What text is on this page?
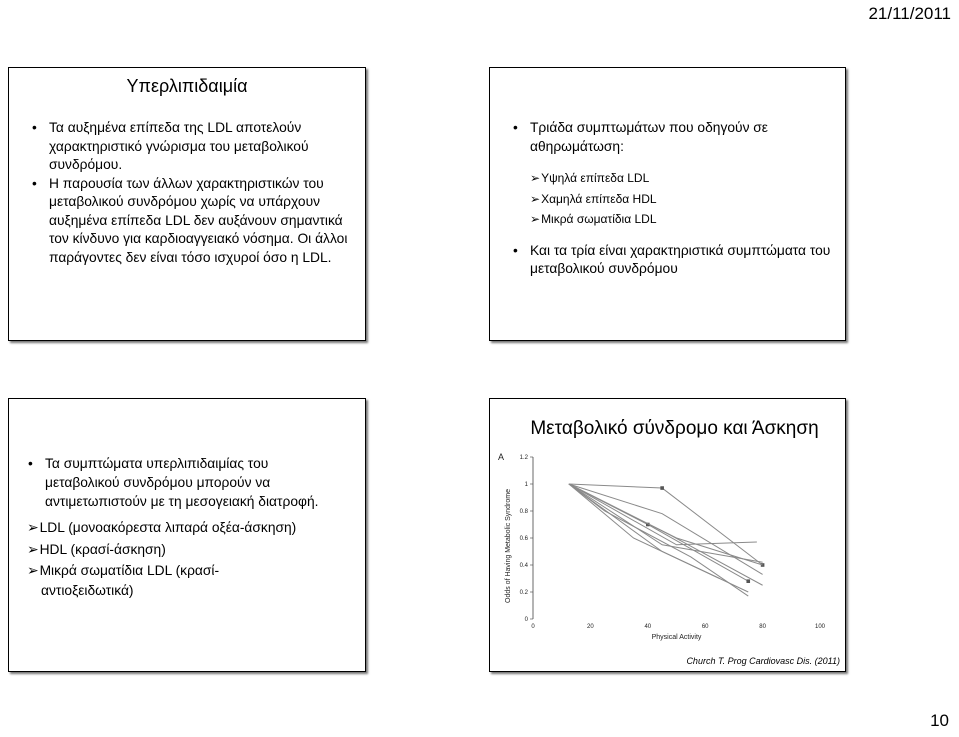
21/11/2011
Υπερλιπιδαιμία
• Τα αυξημένα επίπεδα της LDL αποτελούν χαρακτηριστικό γνώρισμα του μεταβολικού συνδρόμου.
• Η παρουσία των άλλων χαρακτηριστικών του μεταβολικού συνδρόμου χωρίς να υπάρχουν αυξημένα επίπεδα LDL δεν αυξάνουν σημαντικά τον κίνδυνο για καρδιοαγγειακό νόσημα. Οι άλλοι παράγοντες δεν είναι τόσο ισχυροί όσο η LDL.
• Τριάδα συμπτωμάτων που οδηγούν σε αθηρωμάτωση:
➢ Υψηλά επίπεδα LDL
➢ Χαμηλά επίπεδα HDL
➢ Μικρά σωματίδια LDL
• Και τα τρία είναι χαρακτηριστικά συμπτώματα του μεταβολικού συνδρόμου
• Τα συμπτώματα υπερλιπιδαιμίας του μεταβολικού συνδρόμου μπορούν να αντιμετωπιστούν με τη μεσογειακή διατροφή.
➢ LDL (μονοακόρεστα λιπαρά οξέα-άσκηση)
➢ HDL (κρασί-άσκηση)
➢ Μικρά σωματίδια LDL (κρασί-
αντιοξειδωτικά)
Μεταβολικό σύνδρομο και Άσκηση
0
0.2
0.4
0.6
0.8
1
1.2
0	20	40	60	80	100
Physical Activity
Odds of Having Metabolic Syndrome
A
Church T. Prog Cardiovasc Dis. (2011)
10
